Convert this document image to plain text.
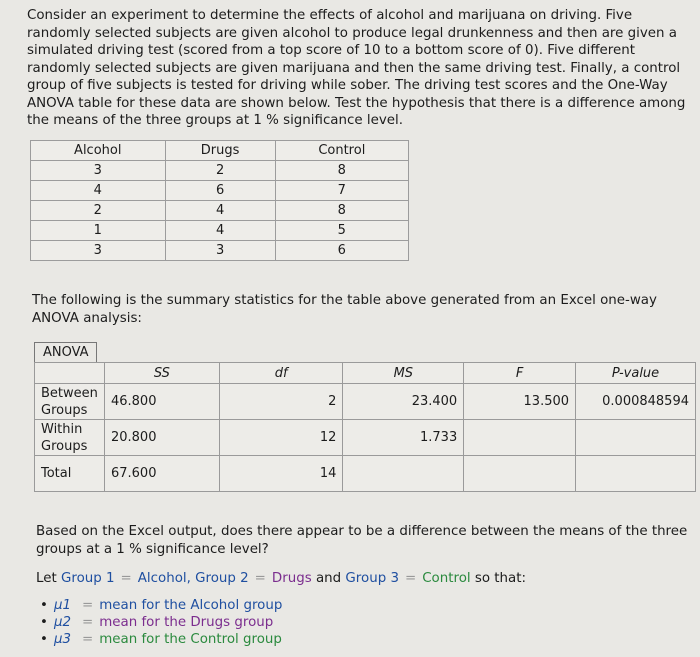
Consider an experiment to determine the effects of alcohol and marijuana on driving. Five randomly selected subjects are given alcohol to produce legal drunkenness and then are given a simulated driving test (scored from a top score of 10 to a bottom score of 0). Five different randomly selected subjects are given marijuana and then the same driving test. Finally, a control group of five subjects is tested for driving while sober. The driving test scores and the One-Way ANOVA table for these data are shown below. Test the hypothesis that there is a difference among the means of the three groups at 1 % significance level.
Alcohol	Drugs	Control
3	2	8
4	6	7
2	4	8
1	4	5
3	3	6
The following is the summary statistics for the table above generated from an Excel one-way ANOVA analysis:
ANOVA
	SS	df	MS	F	P-value
Between Groups	46.800	2	23.400	13.500	0.000848594
Within Groups	20.800	12	1.733		
Total	67.600	14			
Based on the Excel output, does there appear to be a difference between the means of the three groups at a 1 % significance level?
Let Group 1 = Alcohol, Group 2 = Drugs and Group 3 = Control so that:
• μ1 = mean for the Alcohol group
• μ2 = mean for the Drugs group
• μ3 = mean for the Control group
